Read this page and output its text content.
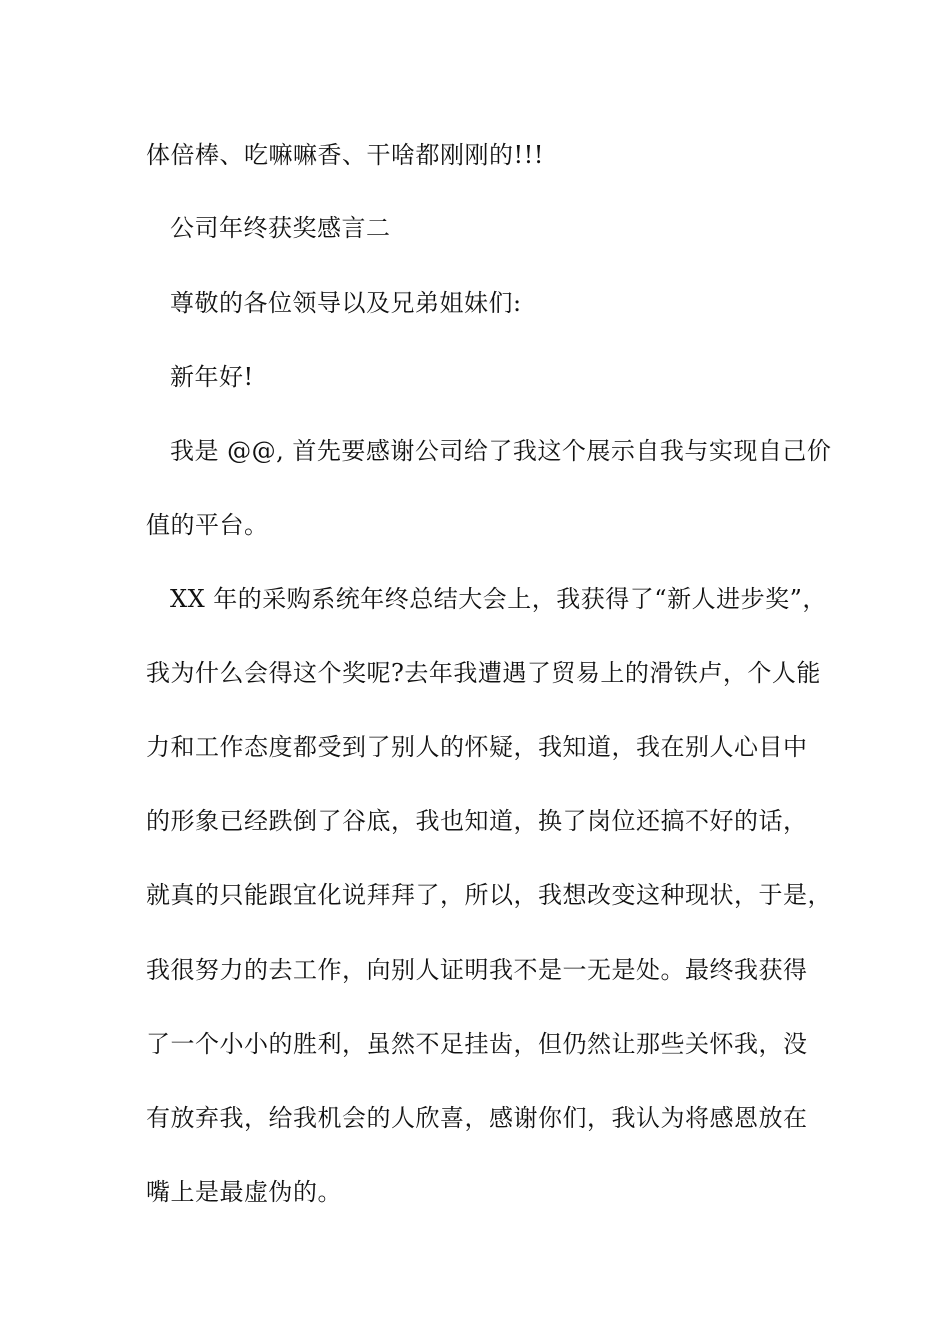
体倍棒、吃嘛嘛香、干啥都刚刚的!!!
公司年终获奖感言二
尊敬的各位领导以及兄弟姐妹们:
新年好!
我是 @@, 首先要感谢公司给了我这个展示自我与实现自己价
值的平台。
XX 年的采购系统年终总结大会上，我获得了“新人进步奖”，
我为什么会得这个奖呢?去年我遭遇了贸易上的滑铁卢，个人能
力和工作态度都受到了别人的怀疑，我知道，我在别人心目中
的形象已经跌倒了谷底，我也知道，换了岗位还搞不好的话，
就真的只能跟宜化说拜拜了，所以，我想改变这种现状，于是，
我很努力的去工作，向别人证明我不是一无是处。最终我获得
了一个小小的胜利，虽然不足挂齿，但仍然让那些关怀我，没
有放弃我，给我机会的人欣喜，感谢你们，我认为将感恩放在
嘴上是最虚伪的。
